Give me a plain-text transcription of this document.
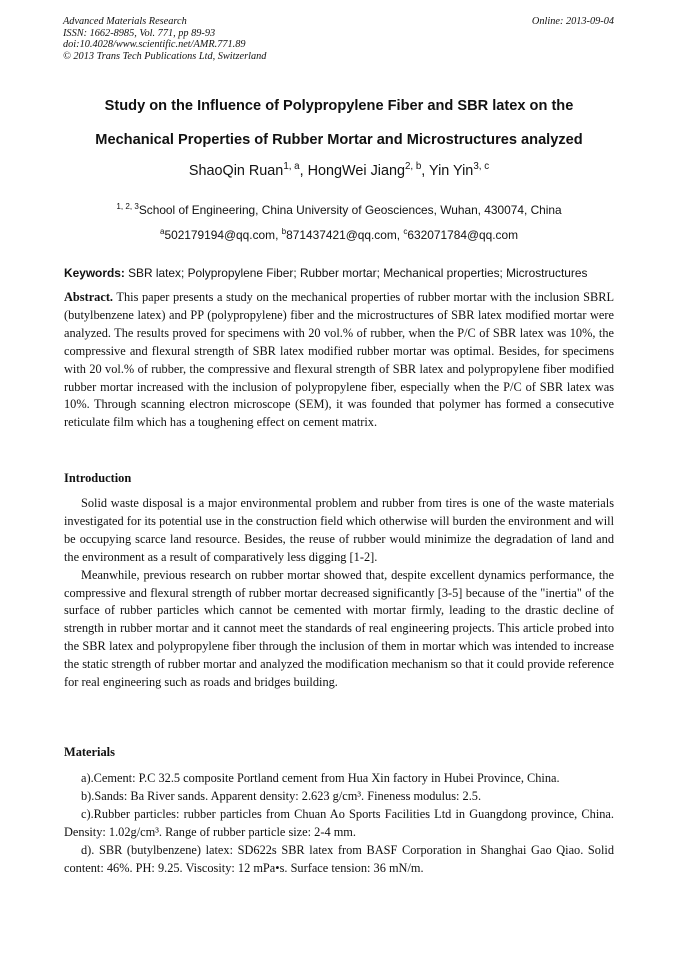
Advanced Materials Research
ISSN: 1662-8985, Vol. 771, pp 89-93
doi:10.4028/www.scientific.net/AMR.771.89
© 2013 Trans Tech Publications Ltd, Switzerland
Online: 2013-09-04
Study on the Influence of Polypropylene Fiber and SBR latex on the
Mechanical Properties of Rubber Mortar and Microstructures analyzed
ShaoQin Ruan$^{1, a}$, HongWei Jiang$^{2, b}$, Yin Yin$^{3, c}$
$^{1, 2, 3}$School of Engineering, China University of Geosciences, Wuhan, 430074, China
$^a$502179194@qq.com, $^b$871437421@qq.com, $^c$632071784@qq.com
Keywords: SBR latex; Polypropylene Fiber; Rubber mortar; Mechanical properties; Microstructures
Abstract. This paper presents a study on the mechanical properties of rubber mortar with the inclusion SBRL (butylbenzene latex) and PP (polypropylene) fiber and the microstructures of SBR latex modified mortar were analyzed. The results proved for specimens with 20 vol.% of rubber, when the P/C of SBR latex was 10%, the compressive and flexural strength of SBR latex modified rubber mortar was optimal. Besides, for specimens with 20 vol.% of rubber, the compressive and flexural strength of SBR latex and polypropylene fiber modified rubber mortar increased with the inclusion of polypropylene fiber, especially when the P/C of SBR latex was 10%. Through scanning electron microscope (SEM), it was founded that polymer has formed a consecutive reticulate film which has a toughening effect on cement matrix.
Introduction

Solid waste disposal is a major environmental problem and rubber from tires is one of the waste materials investigated for its potential use in the construction field which otherwise will burden the environment and will be occupying scarce land resource. Besides, the reuse of rubber would minimize the degradation of land and the environment as a result of comparatively less digging [1-2].

Meanwhile, previous research on rubber mortar showed that, despite excellent dynamics performance, the compressive and flexural strength of rubber mortar decreased significantly [3-5] because of the "inertia" of the surface of rubber particles which cannot be cemented with mortar firmly, leading to the drastic decline of strength in rubber mortar and it cannot meet the standards of real engineering projects. This article probed into the SBR latex and polypropylene fiber through the inclusion of them in mortar which was intended to increase the static strength of rubber mortar and analyzed the modification mechanism so that it could provide reference for real engineering such as roads and bridges building.

Materials

a).Cement: P.C 32.5 composite Portland cement from Hua Xin factory in Hubei Province, China.

b).Sands: Ba River sands. Apparent density: 2.623 g/cm³. Fineness modulus: 2.5.

c).Rubber particles: rubber particles from Chuan Ao Sports Facilities Ltd in Guangdong province, China. Density: 1.02g/cm³. Range of rubber particle size: 2-4 mm.

d). SBR (butylbenzene) latex: SD622s SBR latex from BASF Corporation in Shanghai Gao Qiao. Solid content: 46%. PH: 9.25. Viscosity: 12 mPa•s. Surface tension: 36 mN/m.
